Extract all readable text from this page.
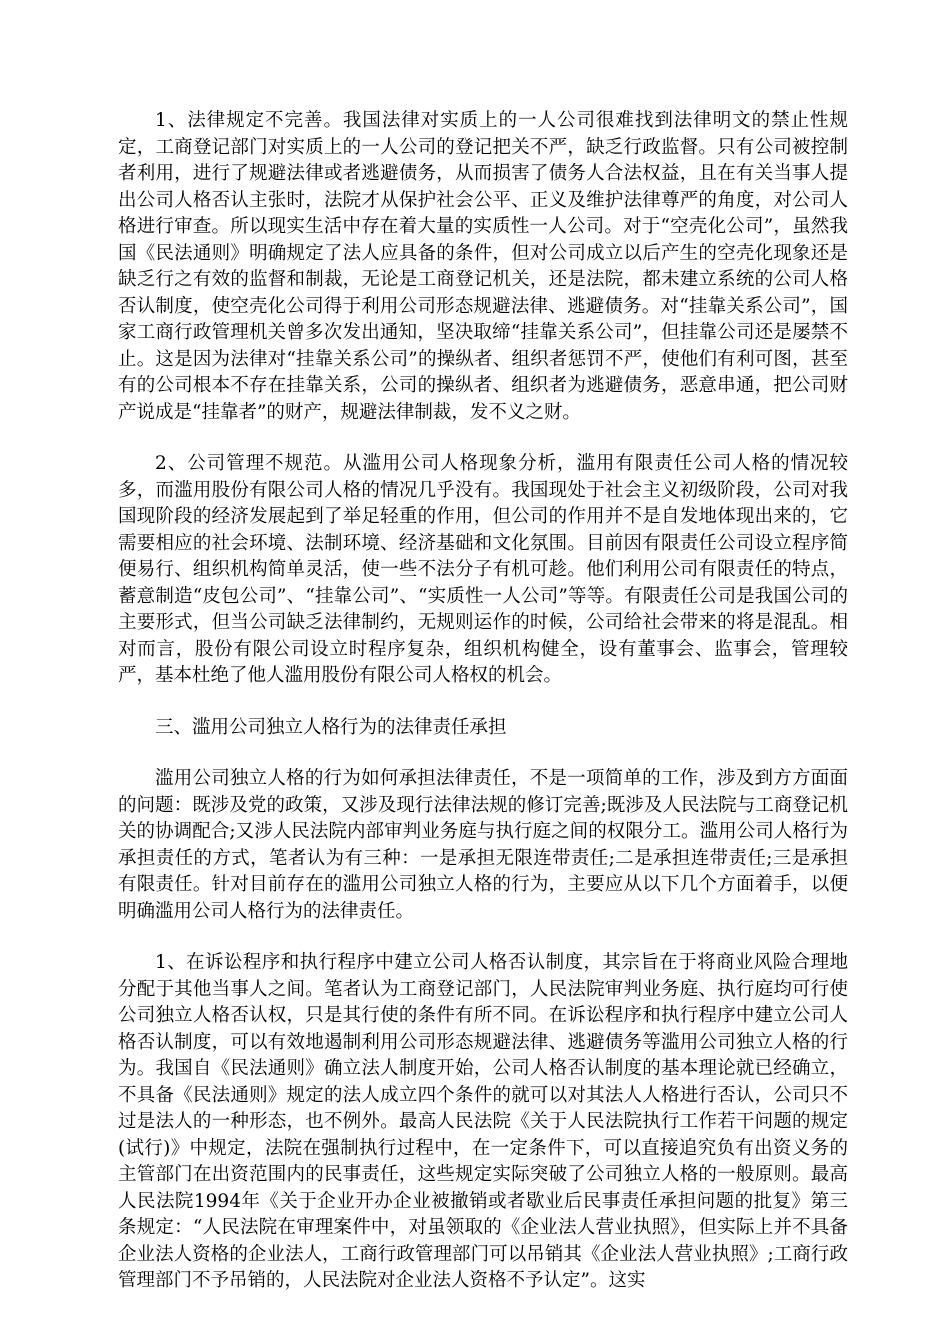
1、法律规定不完善。我国法律对实质上的一人公司很难找到法律明文的禁止性规定，工商登记部门对实质上的一人公司的登记把关不严，缺乏行政监督。只有公司被控制者利用，进行了规避法律或者逃避债务，从而损害了债务人合法权益，且在有关当事人提出公司人格否认主张时，法院才从保护社会公平、正义及维护法律尊严的角度，对公司人格进行审查。所以现实生活中存在着大量的实质性一人公司。对于“空壳化公司”，虽然我国《民法通则》明确规定了法人应具备的条件，但对公司成立以后产生的空壳化现象还是缺乏行之有效的监督和制裁，无论是工商登记机关，还是法院，都未建立系统的公司人格否认制度，使空壳化公司得于利用公司形态规避法律、逃避债务。对“挂靠关系公司”，国家工商行政管理机关曾多次发出通知，坚决取缔“挂靠关系公司”，但挂靠公司还是屡禁不止。这是因为法律对“挂靠关系公司”的操纵者、组织者惩罚不严，使他们有利可图，甚至有的公司根本不存在挂靠关系，公司的操纵者、组织者为逃避债务，恶意串通，把公司财产说成是“挂靠者”的财产，规避法律制裁，发不义之财。

2、公司管理不规范。从滥用公司人格现象分析，滥用有限责任公司人格的情况较多，而滥用股份有限公司人格的情况几乎没有。我国现处于社会主义初级阶段，公司对我国现阶段的经济发展起到了举足轻重的作用，但公司的作用并不是自发地体现出来的，它需要相应的社会环境、法制环境、经济基础和文化氛围。目前因有限责任公司设立程序简便易行、组织机构简单灵活，使一些不法分子有机可趁。他们利用公司有限责任的特点，蓄意制造“皮包公司”、“挂靠公司”、“实质性一人公司”等等。有限责任公司是我国公司的主要形式，但当公司缺乏法律制约，无规则运作的时候，公司给社会带来的将是混乱。相对而言，股份有限公司设立时程序复杂，组织机构健全，设有董事会、监事会，管理较严，基本杜绝了他人滥用股份有限公司人格权的机会。

三、滥用公司独立人格行为的法律责任承担

滥用公司独立人格的行为如何承担法律责任，不是一项简单的工作，涉及到方方面面的问题：既涉及党的政策，又涉及现行法律法规的修订完善;既涉及人民法院与工商登记机关的协调配合;又涉人民法院内部审判业务庭与执行庭之间的权限分工。滥用公司人格行为承担责任的方式，笔者认为有三种：一是承担无限连带责任;二是承担连带责任;三是承担有限责任。针对目前存在的滥用公司独立人格的行为，主要应从以下几个方面着手，以便明确滥用公司人格行为的法律责任。

1、在诉讼程序和执行程序中建立公司人格否认制度，其宗旨在于将商业风险合理地分配于其他当事人之间。笔者认为工商登记部门，人民法院审判业务庭、执行庭均可行使公司独立人格否认权，只是其行使的条件有所不同。在诉讼程序和执行程序中建立公司人格否认制度，可以有效地遏制利用公司形态规避法律、逃避债务等滥用公司独立人格的行为。我国自《民法通则》确立法人制度开始，公司人格否认制度的基本理论就已经确立，不具备《民法通则》规定的法人成立四个条件的就可以对其法人人格进行否认，公司只不过是法人的一种形态，也不例外。最高人民法院《关于人民法院执行工作若干问题的规定(试行)》中规定，法院在强制执行过程中，在一定条件下，可以直接追究负有出资义务的主管部门在出资范围内的民事责任，这些规定实际突破了公司独立人格的一般原则。最高人民法院1994年《关于企业开办企业被撤销或者歇业后民事责任承担问题的批复》第三条规定：“人民法院在审理案件中，对虽领取的《企业法人营业执照》，但实际上并不具备企业法人资格的企业法人，工商行政管理部门可以吊销其《企业法人营业执照》;工商行政管理部门不予吊销的，人民法院对企业法人资格不予认定”。这实
